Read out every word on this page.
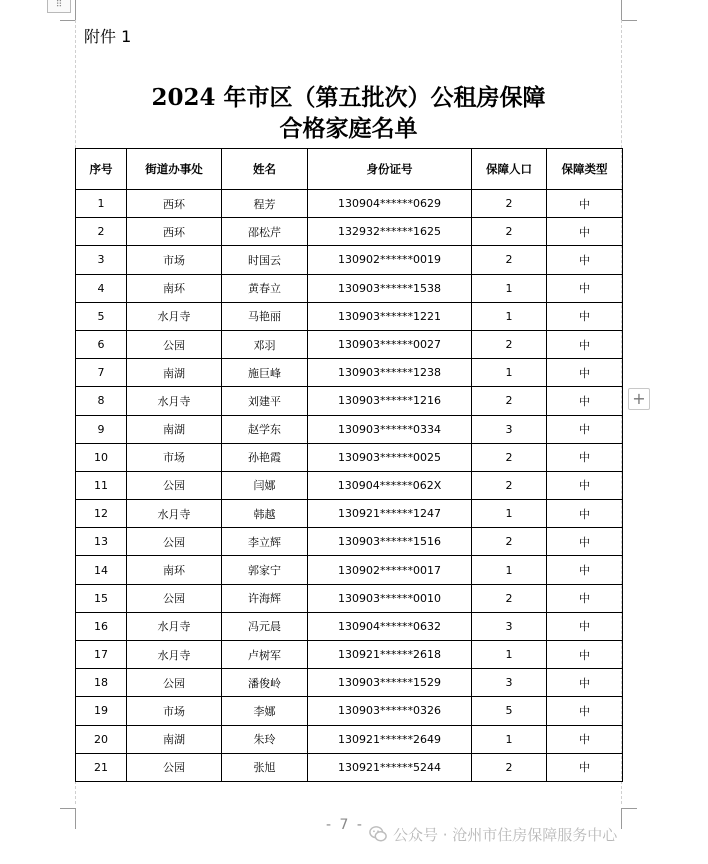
⠿
附件 1
2024 年市区（第五批次）公租房保障
合格家庭名单
序号	街道办事处	姓名	身份证号	保障人口	保障类型
1	西环	程芳	130904******0629	2	中
2	西环	邵松芹	132932******1625	2	中
3	市场	时国云	130902******0019	2	中
4	南环	黄春立	130903******1538	1	中
5	水月寺	马艳丽	130903******1221	1	中
6	公园	邓羽	130903******0027	2	中
7	南湖	施巨峰	130903******1238	1	中
8	水月寺	刘建平	130903******1216	2	中
9	南湖	赵学东	130903******0334	3	中
10	市场	孙艳霞	130903******0025	2	中
11	公园	闫娜	130904******062X	2	中
12	水月寺	韩越	130921******1247	1	中
13	公园	李立辉	130903******1516	2	中
14	南环	郭家宁	130902******0017	1	中
15	公园	许海辉	130903******0010	2	中
16	水月寺	冯元晨	130904******0632	3	中
17	水月寺	卢树军	130921******2618	1	中
18	公园	潘俊岭	130903******1529	3	中
19	市场	李娜	130903******0326	5	中
20	南湖	朱玲	130921******2649	1	中
21	公园	张旭	130921******5244	2	中
+
- 7 -
公众号 · 沧州市住房保障服务中心
